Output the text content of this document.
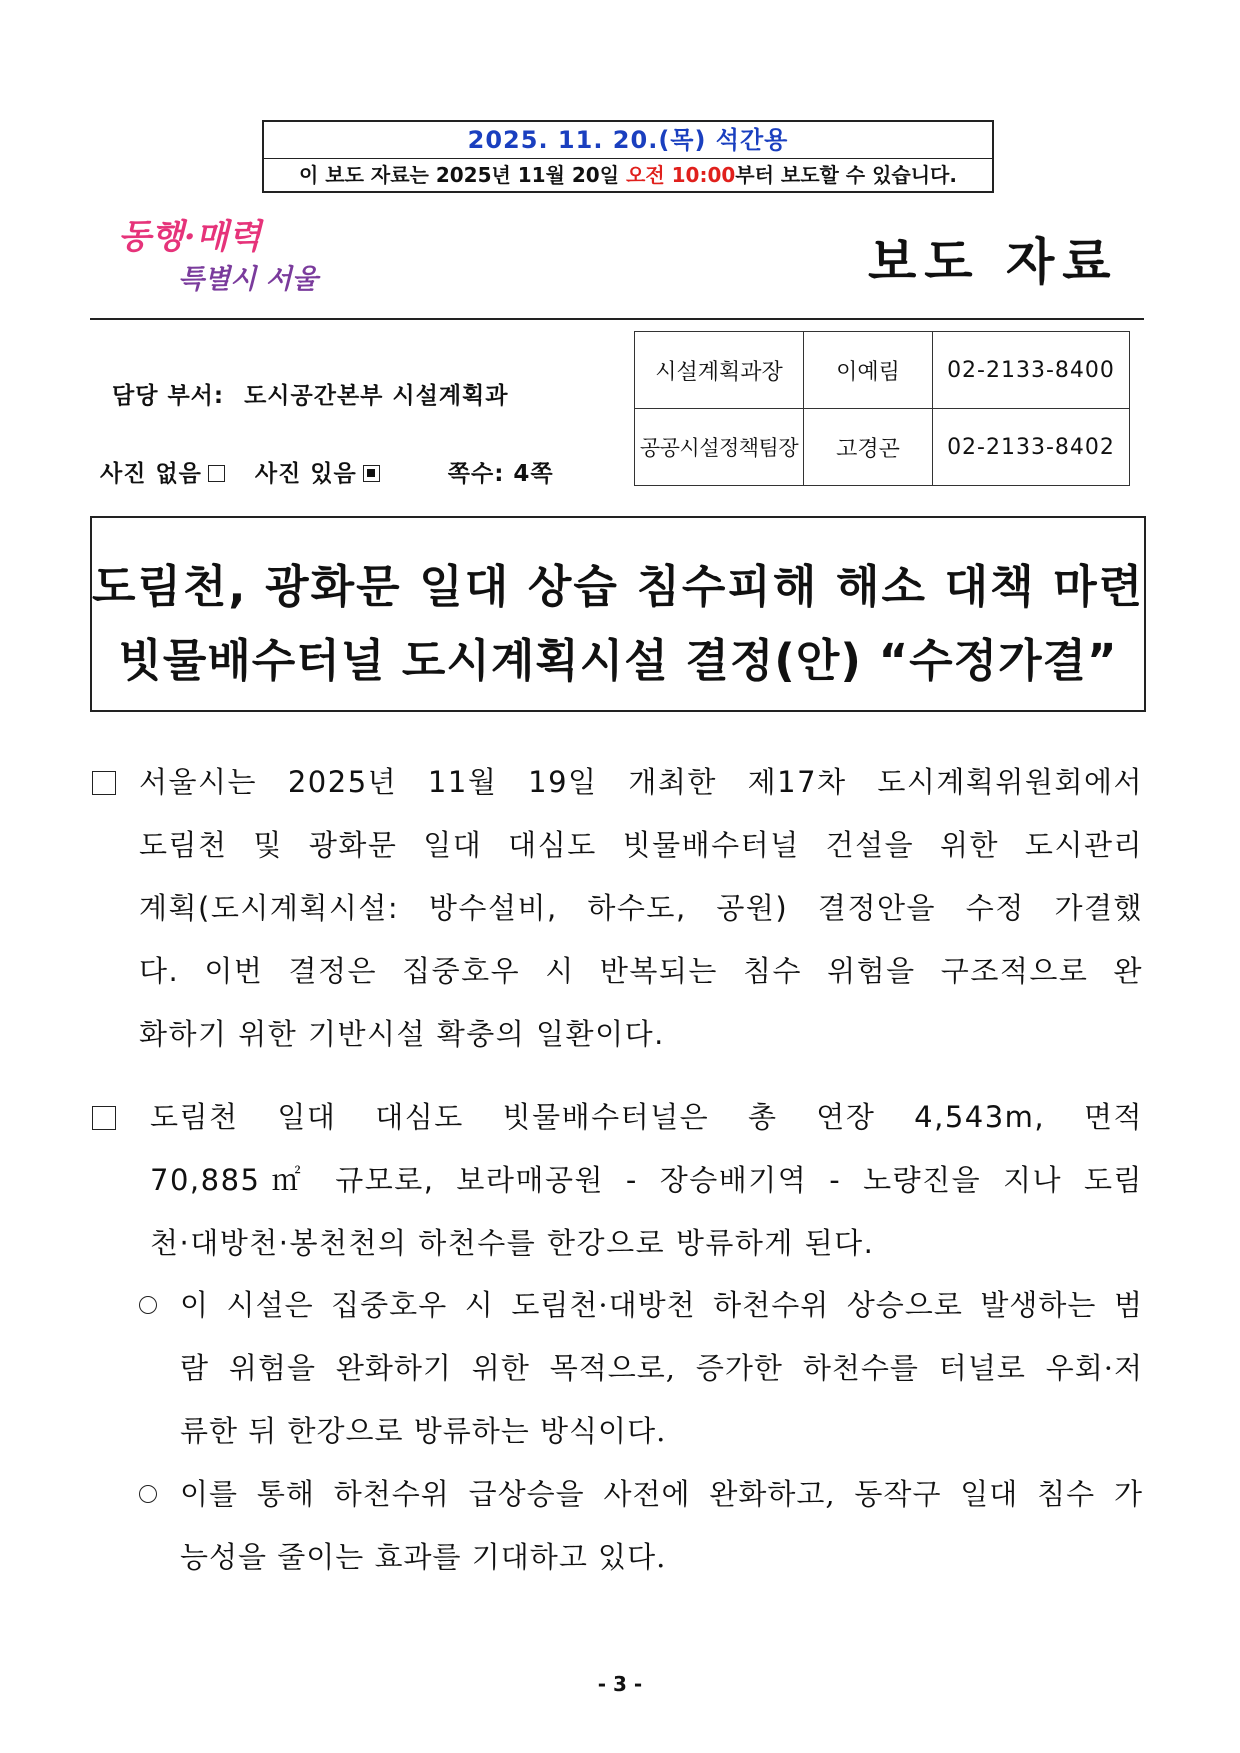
2025. 11. 20.(목) 석간용
이 보도 자료는 2025년 11월 20일 오전 10:00부터 보도할 수 있습니다.
동행·매력
특별시 서울	보도 자료
담당 부서: 도시공간본부 시설계획과
사진 없음 사진 있음	쪽수: 4쪽
시설계획과장	이예림	02-2133-8400
공공시설정책팀장	고경곤	02-2133-8402
도림천, 광화문 일대 상습 침수피해 해소 대책 마련
빗물배수터널 도시계획시설 결정(안) “수정가결”
서울시는 2025년 11월 19일 개최한 제17차 도시계획위원회에서
도림천 및 광화문 일대 대심도 빗물배수터널 건설을 위한 도시관리
계획(도시계획시설: 방수설비, 하수도, 공원) 결정안을 수정 가결했
다. 이번 결정은 집중호우 시 반복되는 침수 위험을 구조적으로 완
화하기 위한 기반시설 확충의 일환이다.
도림천 일대 대심도 빗물배수터널은 총 연장 4,543m, 면적
70,885㎡ 규모로, 보라매공원 - 장승배기역 - 노량진을 지나 도림
천·대방천·봉천천의 하천수를 한강으로 방류하게 된다.
이 시설은 집중호우 시 도림천·대방천 하천수위 상승으로 발생하는 범
람 위험을 완화하기 위한 목적으로, 증가한 하천수를 터널로 우회·저
류한 뒤 한강으로 방류하는 방식이다.
이를 통해 하천수위 급상승을 사전에 완화하고, 동작구 일대 침수 가
능성을 줄이는 효과를 기대하고 있다.
- 3 -
